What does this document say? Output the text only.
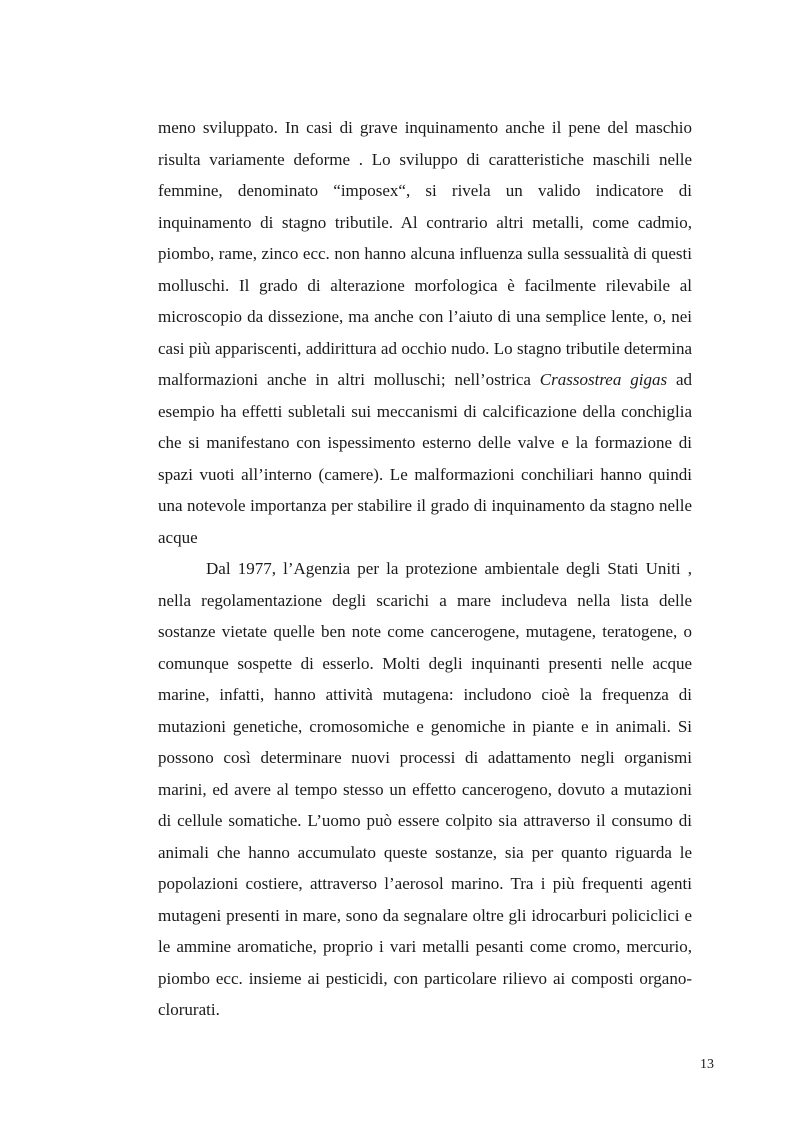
meno sviluppato. In casi di grave inquinamento anche il pene del maschio risulta variamente deforme . Lo sviluppo di caratteristiche maschili nelle femmine, denominato “imposex“, si rivela un valido indicatore di inquinamento di stagno tributile. Al contrario altri metalli, come cadmio, piombo, rame, zinco ecc. non hanno alcuna influenza sulla sessualità di questi molluschi. Il grado di alterazione morfologica è facilmente rilevabile al microscopio da dissezione, ma anche con l’aiuto di una semplice lente, o, nei casi più appariscenti, addirittura ad occhio nudo. Lo stagno tributile determina malformazioni anche in altri molluschi; nell’ostrica Crassostrea gigas ad esempio ha effetti subletali sui meccanismi di calcificazione della conchiglia che si manifestano con ispessimento esterno delle valve e la formazione di spazi vuoti all’interno (camere). Le malformazioni conchiliari hanno quindi una notevole importanza per stabilire il grado di inquinamento da stagno nelle acque

Dal 1977, l’Agenzia per la protezione ambientale degli Stati Uniti , nella regolamentazione degli scarichi a mare includeva nella lista delle sostanze vietate quelle ben note come cancerogene, mutagene, teratogene, o comunque sospette di esserlo. Molti degli inquinanti presenti nelle acque marine, infatti, hanno attività mutagena: includono cioè la frequenza di mutazioni genetiche, cromosomiche e genomiche in piante e in animali. Si possono così determinare nuovi processi di adattamento negli organismi marini, ed avere al tempo stesso un effetto cancerogeno, dovuto a mutazioni di cellule somatiche. L’uomo può essere colpito sia attraverso il consumo di animali che hanno accumulato queste sostanze, sia per quanto riguarda le popolazioni costiere, attraverso l’aerosol marino. Tra i più frequenti agenti mutageni presenti in mare, sono da segnalare oltre gli idrocarburi policiclici e le ammine aromatiche, proprio i vari metalli pesanti come cromo, mercurio, piombo ecc. insieme ai pesticidi, con particolare rilievo ai composti organo-clorurati.

13
